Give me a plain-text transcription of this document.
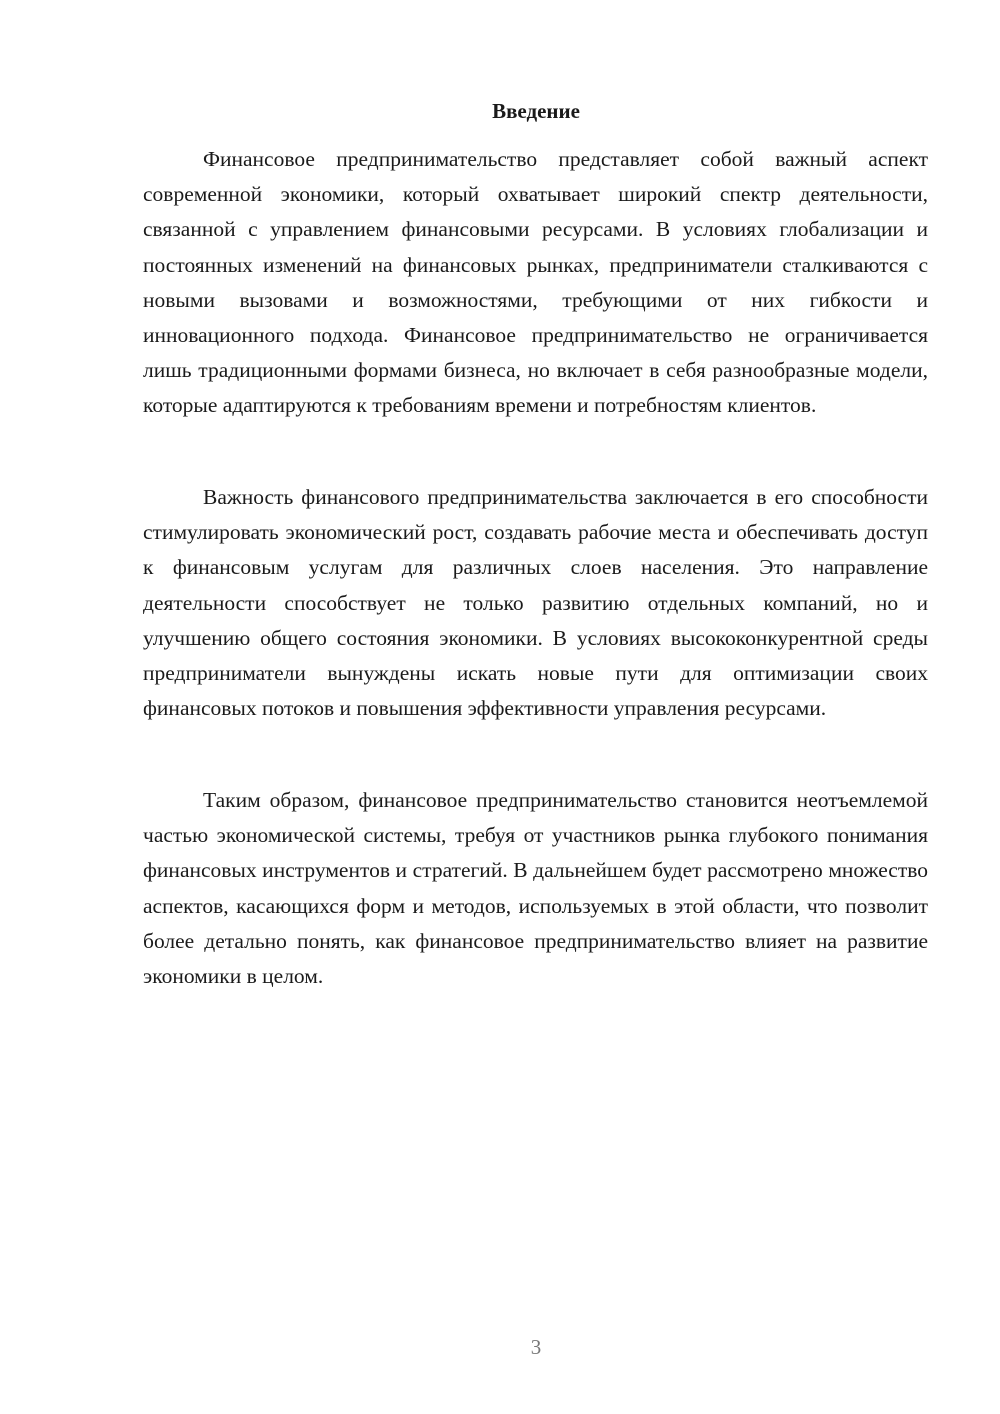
Введение

Финансовое предпринимательство представляет собой важный аспект современной экономики, который охватывает широкий спектр деятельности, связанной с управлением финансовыми ресурсами. В условиях глобализации и постоянных изменений на финансовых рынках, предприниматели сталкиваются с новыми вызовами и возможностями, требующими от них гибкости и инновационного подхода. Финансовое предпринимательство не ограничивается лишь традиционными формами бизнеса, но включает в себя разнообразные модели, которые адаптируются к требованиям времени и потребностям клиентов.

Важность финансового предпринимательства заключается в его способности стимулировать экономический рост, создавать рабочие места и обеспечивать доступ к финансовым услугам для различных слоев населения. Это направление деятельности способствует не только развитию отдельных компаний, но и улучшению общего состояния экономики. В условиях высококонкурентной среды предприниматели вынуждены искать новые пути для оптимизации своих финансовых потоков и повышения эффективности управления ресурсами.

Таким образом, финансовое предпринимательство становится неотъемлемой частью экономической системы, требуя от участников рынка глубокого понимания финансовых инструментов и стратегий. В дальнейшем будет рассмотрено множество аспектов, касающихся форм и методов, используемых в этой области, что позволит более детально понять, как финансовое предпринимательство влияет на развитие экономики в целом.

3
